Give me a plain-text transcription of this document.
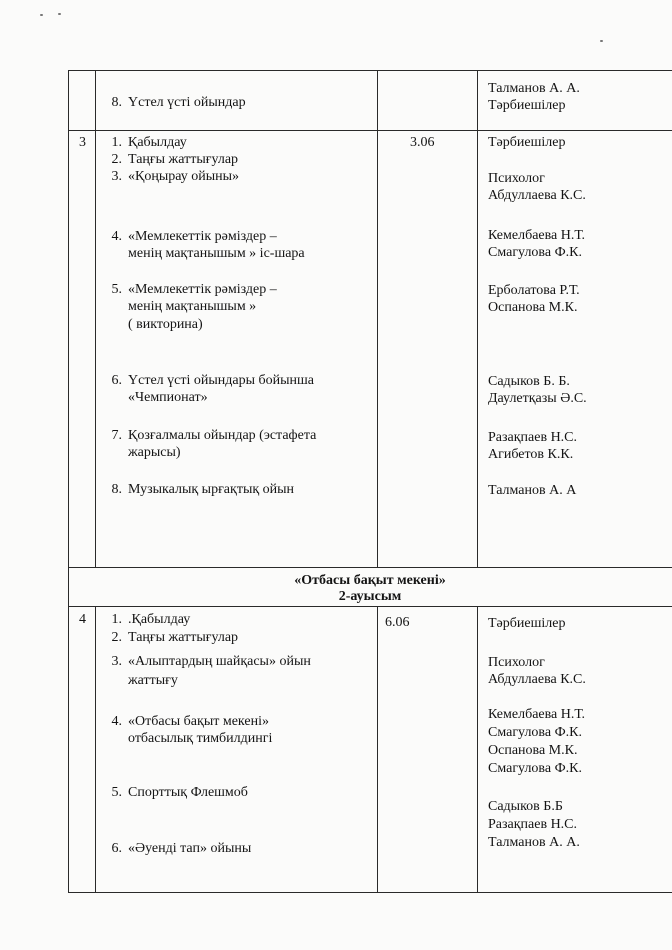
8. Үстел үсті ойындар
Талманов А. А.
Тәрбиешілер
3	3.06
1. Қабылдау
2. Таңғы жаттығулар
3. «Қоңырау ойыны»
4. «Мемлекеттік рәміздер –
менің мақтанышым » іс-шара
5. «Мемлекеттік рәміздер –
менің мақтанышым »
( викторина)
6. Үстел үсті ойындары бойынша
«Чемпионат»
7. Қозғалмалы ойындар (эстафета
жарысы)
8. Музыкалық ырғақтық ойын
Тәрбиешілер
Психолог
Абдуллаева К.С.
Кемелбаева Н.Т.
Смагулова Ф.К.
Ерболатова Р.Т.
Оспанова М.К.
Садыков Б. Б.
Даулетқазы Ә.С.
Разақпаев Н.С.
Агибетов К.К.
Талманов А. А
«Отбасы бақыт мекені»
2-ауысым
4	6.06
1. .Қабылдау
2. Таңғы жаттығулар
3. «Алыптардың шайқасы» ойын
жаттығу
4. «Отбасы бақыт мекені»
отбасылық тимбилдингі
5. Спорттық Флешмоб
6. «Әуенді тап» ойыны
Тәрбиешілер
Психолог
Абдуллаева К.С.
Кемелбаева Н.Т.
Смагулова Ф.К.
Оспанова М.К.
Смагулова Ф.К.
Садыков Б.Б
Разақпаев Н.С.
Талманов А. А.
